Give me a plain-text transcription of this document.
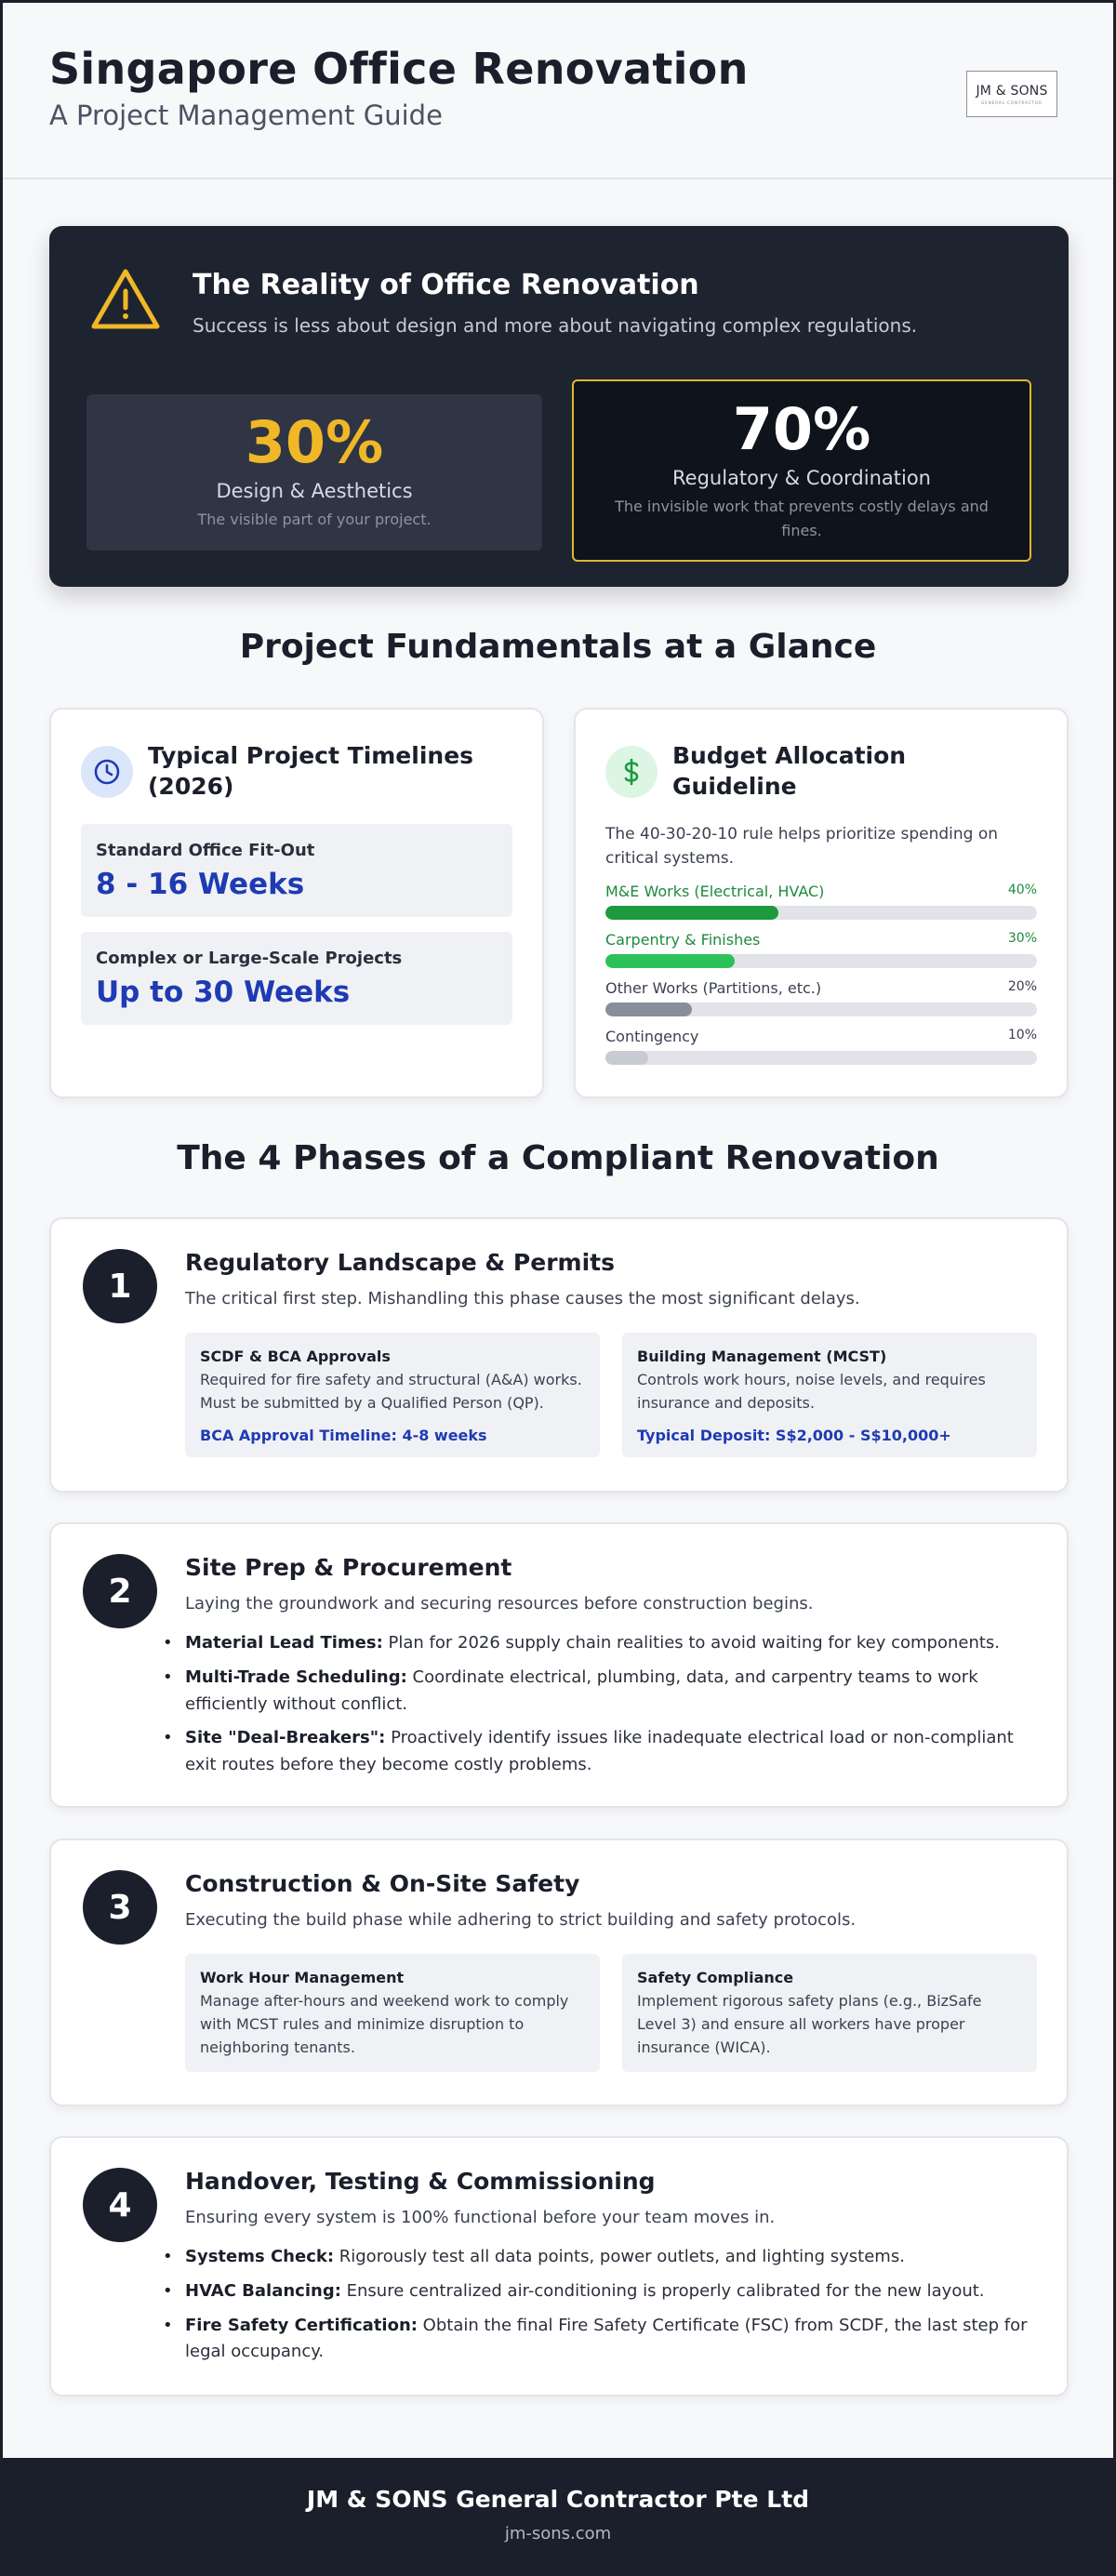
Singapore Office Renovation
A Project Management Guide
JM & SONS
GENERAL CONTRACTOR
The Reality of Office Renovation
Success is less about design and more about navigating complex regulations.
30%
Design & Aesthetics
The visible part of your project.
70%
Regulatory & Coordination
The invisible work that prevents costly delays and fines.
Project Fundamentals at a Glance
Typical Project Timelines (2026)
Standard Office Fit-Out
8 - 16 Weeks
Complex or Large-Scale Projects
Up to 30 Weeks
Budget Allocation Guideline
The 40-30-20-10 rule helps prioritize spending on critical systems.
M&E Works (Electrical, HVAC)	40%
Carpentry & Finishes	30%
Other Works (Partitions, etc.)	20%
Contingency	10%
The 4 Phases of a Compliant Renovation
1
Regulatory Landscape & Permits
The critical first step. Mishandling this phase causes the most significant delays.
SCDF & BCA Approvals
Required for fire safety and structural (A&A) works. Must be submitted by a Qualified Person (QP).
BCA Approval Timeline: 4-8 weeks
Building Management (MCST)
Controls work hours, noise levels, and requires insurance and deposits.
Typical Deposit: S$2,000 - S$10,000+
2
Site Prep & Procurement
Laying the groundwork and securing resources before construction begins.
• Material Lead Times: Plan for 2026 supply chain realities to avoid waiting for key components.
• Multi-Trade Scheduling: Coordinate electrical, plumbing, data, and carpentry teams to work efficiently without conflict.
• Site "Deal-Breakers": Proactively identify issues like inadequate electrical load or non-compliant exit routes before they become costly problems.
3
Construction & On-Site Safety
Executing the build phase while adhering to strict building and safety protocols.
Work Hour Management
Manage after-hours and weekend work to comply with MCST rules and minimize disruption to neighboring tenants.
Safety Compliance
Implement rigorous safety plans (e.g., BizSafe Level 3) and ensure all workers have proper insurance (WICA).
4
Handover, Testing & Commissioning
Ensuring every system is 100% functional before your team moves in.
• Systems Check: Rigorously test all data points, power outlets, and lighting systems.
• HVAC Balancing: Ensure centralized air-conditioning is properly calibrated for the new layout.
• Fire Safety Certification: Obtain the final Fire Safety Certificate (FSC) from SCDF, the last step for legal occupancy.
JM & SONS General Contractor Pte Ltd
jm-sons.com
